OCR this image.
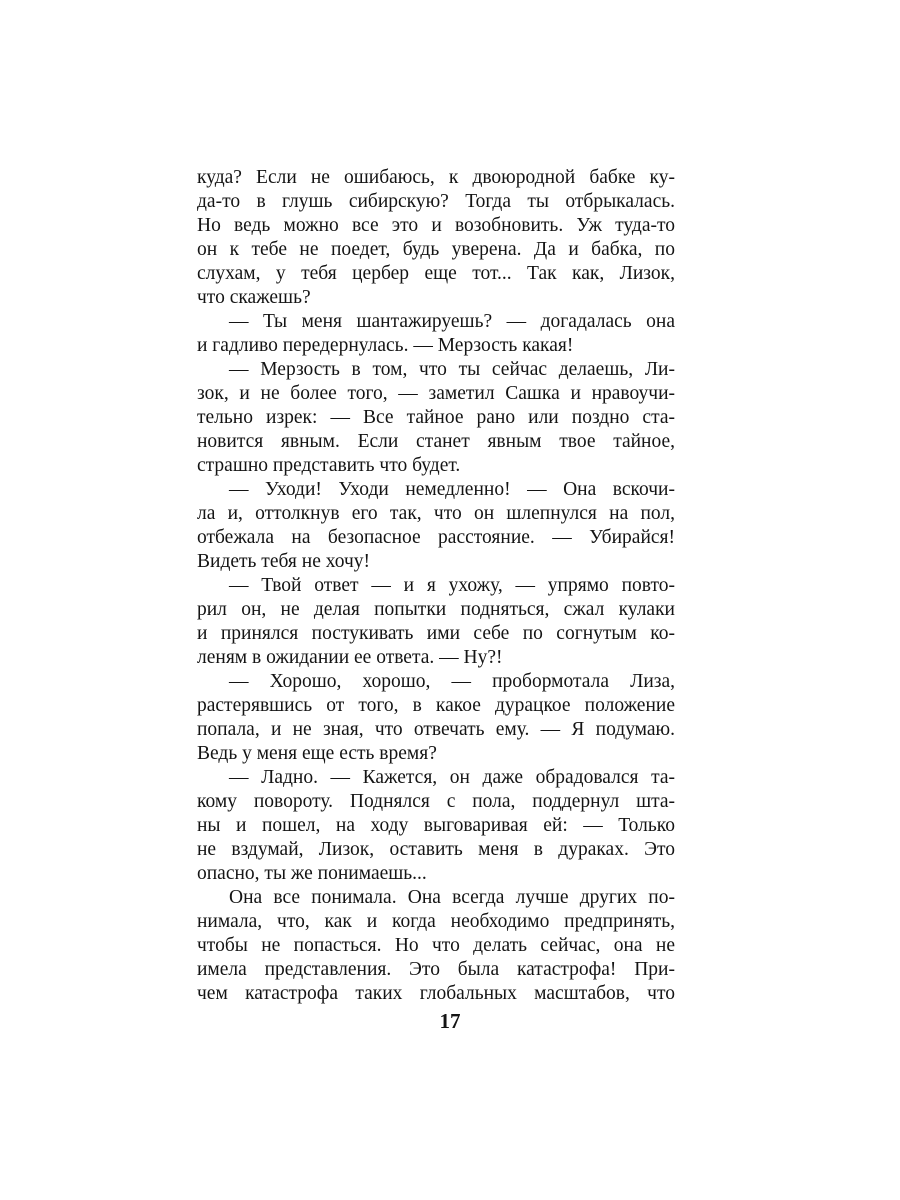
куда? Если не ошибаюсь, к двоюродной бабке ку-
да-то в глушь сибирскую? Тогда ты отбрыкалась.
Но ведь можно все это и возобновить. Уж туда-то
он к тебе не поедет, будь уверена. Да и бабка, по
слухам, у тебя цербер еще тот... Так как, Лизок,
что скажешь?
— Ты меня шантажируешь? — догадалась она
и гадливо передернулась. — Мерзость какая!
— Мерзость в том, что ты сейчас делаешь, Ли-
зок, и не более того, — заметил Сашка и нравоучи-
тельно изрек: — Все тайное рано или поздно ста-
новится явным. Если станет явным твое тайное,
страшно представить что будет.
— Уходи! Уходи немедленно! — Она вскочи-
ла и, оттолкнув его так, что он шлепнулся на пол,
отбежала на безопасное расстояние. — Убирайся!
Видеть тебя не хочу!
— Твой ответ — и я ухожу, — упрямо повто-
рил он, не делая попытки подняться, сжал кулаки
и принялся постукивать ими себе по согнутым ко-
леням в ожидании ее ответа. — Ну?!
— Хорошо, хорошо, — пробормотала Лиза,
растерявшись от того, в какое дурацкое положение
попала, и не зная, что отвечать ему. — Я подумаю.
Ведь у меня еще есть время?
— Ладно. — Кажется, он даже обрадовался та-
кому повороту. Поднялся с пола, поддернул шта-
ны и пошел, на ходу выговаривая ей: — Только
не вздумай, Лизок, оставить меня в дураках. Это
опасно, ты же понимаешь...
Она все понимала. Она всегда лучше других по-
нимала, что, как и когда необходимо предпринять,
чтобы не попасться. Но что делать сейчас, она не
имела представления. Это была катастрофа! При-
чем катастрофа таких глобальных масштабов, что
17
